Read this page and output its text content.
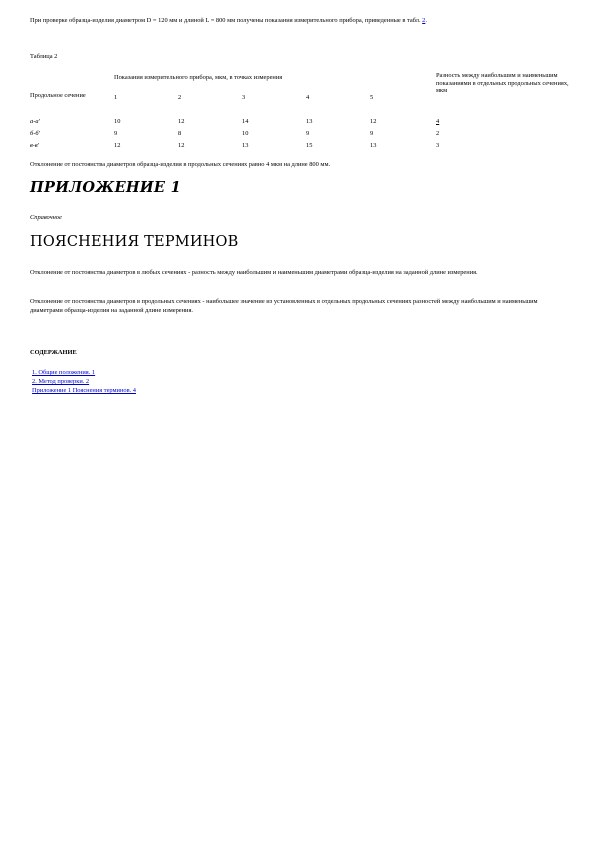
При проверке образца-изделия диаметром D = 120 мм и длиной L = 800 мм получены показания измерительного прибора, приведенные в табл. 2.

Таблица 2

Продольное сечение	Показания измерительного прибора, мкм, в точках измерения					Разность между наибольшим и наименьшим показаниями в отдельных продольных сечениях, мкм
	1	2	3	4	5	
а-а'	10	12	14	13	12	4
б-б'	9	8	10	9	9	2
в-в'	12	12	13	15	13	3

Отклонение от постоянства диаметров образца-изделия в продольных сечениях равно 4 мкм на длине 800 мм.

ПРИЛОЖЕНИЕ 1

Справочное

ПОЯСНЕНИЯ ТЕРМИНОВ

Отклонение от постоянства диаметров в любых сечениях - разность между наибольшим и наименьшим диаметрами образца-изделия на заданной длине измерения.

Отклонение от постоянства диаметров в продольных сечениях - наибольшее значение из установленных в отдельных продольных сечениях разностей между наибольшим и наименьшим диаметрами образца-изделия на заданной длине измерения.

СОДЕРЖАНИЕ

1. Общие положения. 1
2. Метод проверки. 2
Приложение 1 Пояснения терминов. 4
